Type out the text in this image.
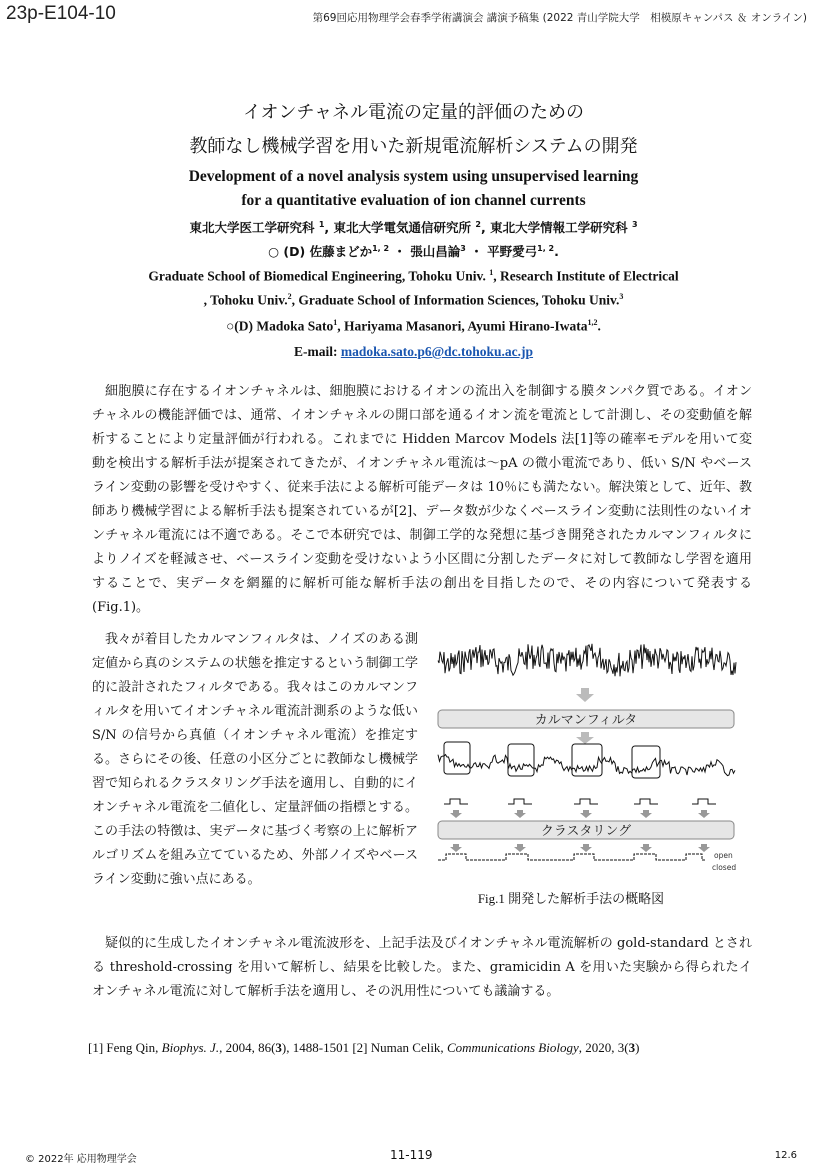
23p-E104-10	第69回応用物理学会春季学術講演会 講演予稿集 (2022 青山学院大学　相模原キャンパス ＆ オンライン)
イオンチャネル電流の定量的評価のための
教師なし機械学習を用いた新規電流解析システムの開発
Development of a novel analysis system using unsupervised learning
for a quantitative evaluation of ion channel currents
東北大学医工学研究科 $^1$, 東北大学電気通信研究所 $^2$, 東北大学情報工学研究科 $^3$
○ (D) 佐藤まどか$^{1, 2}$ ・ 張山昌論$^3$ ・ 平野愛弓$^{1, 2}$.
Graduate School of Biomedical Engineering, Tohoku Univ. $^1$, Research Institute of Electrical
, Tohoku Univ.$^2$, Graduate School of Information Sciences, Tohoku Univ.$^3$
○(D) Madoka Sato$^1$, Hariyama Masanori, Ayumi Hirano-Iwata$^{1,2}$.
E-mail: madoka.sato.p6@dc.tohoku.ac.jp
細胞膜に存在するイオンチャネルは、細胞膜におけるイオンの流出入を制御する膜タンパク質である。イオンチャネルの機能評価では、通常、イオンチャネルの開口部を通るイオン流を電流として計測し、その変動値を解析することにより定量評価が行われる。これまでに Hidden Marcov Models 法[1]等の確率モデルを用いて変動を検出する解析手法が提案されてきたが、イオンチャネル電流は～pA の微小電流であり、低い S/N やベースライン変動の影響を受けやすく、従来手法による解析可能データは 10％にも満たない。解決策として、近年、教師あり機械学習による解析手法も提案されているが[2]、データ数が少なくベースライン変動に法則性のないイオンチャネル電流には不適である。そこで本研究では、制御工学的な発想に基づき開発されたカルマンフィルタによりノイズを軽減させ、ベースライン変動を受けないよう小区間に分割したデータに対して教師なし学習を適用することで、実データを網羅的に解析可能な解析手法の創出を目指したので、その内容について発表する(Fig.1)。
我々が着目したカルマンフィルタは、ノイズのある測定値から真のシステムの状態を推定するという制御工学的に設計されたフィルタである。我々はこのカルマンフィルタを用いてイオンチャネル電流計測系のような低い S/N の信号から真値（イオンチャネル電流）を推定する。さらにその後、任意の小区分ごとに教師なし機械学習で知られるクラスタリング手法を適用し、自動的にイオンチャネル電流を二値化し、定量評価の指標とする。この手法の特徴は、実データに基づく考察の上に解析アルゴリズムを組み立てているため、外部ノイズやベースライン変動に強い点にある。
カルマンフィルタ
クラスタリング
open
closed
Fig.1 開発した解析手法の概略図
疑似的に生成したイオンチャネル電流波形を、上記手法及びイオンチャネル電流解析の gold-standard とされる threshold-crossing を用いて解析し、結果を比較した。また、gramicidin A を用いた実験から得られたイオンチャネル電流に対して解析手法を適用し、その汎用性についても議論する。
[1] Feng Qin, Biophys. J., 2004, 86(3), 1488-1501 [2] Numan Celik, Communications Biology, 2020, 3(3)
© 2022年 応用物理学会	11-119	12.6
